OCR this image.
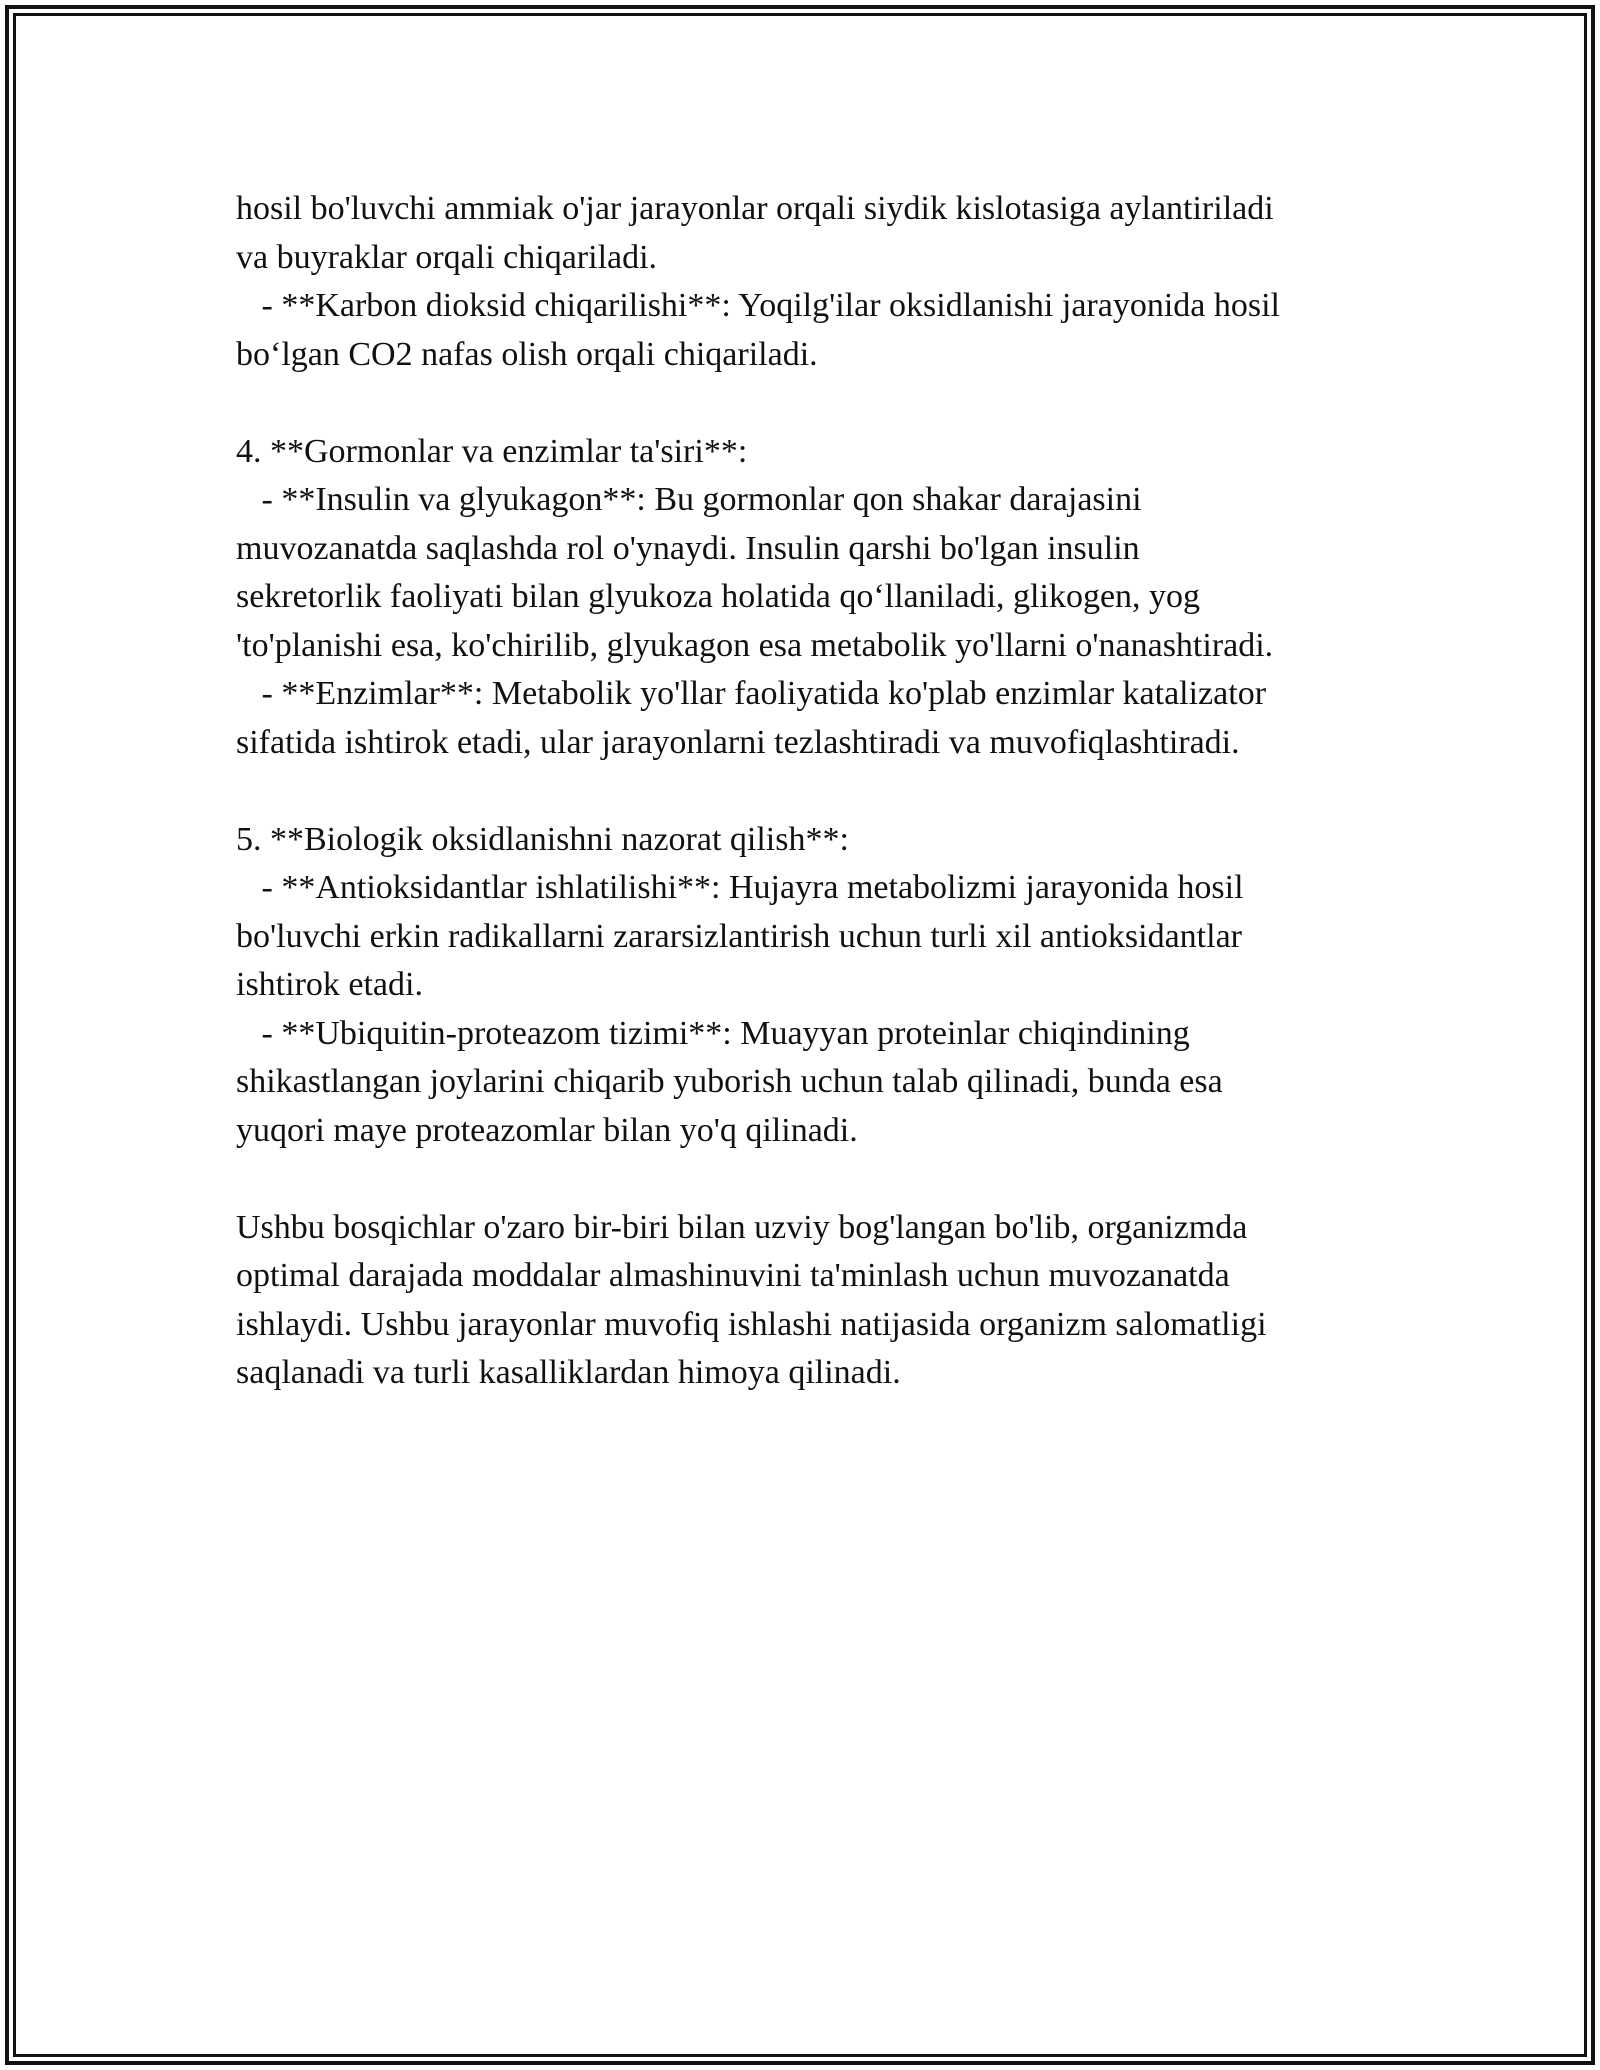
hosil bo'luvchi ammiak o'jar jarayonlar orqali siydik kislotasiga aylantiriladi
va buyraklar orqali chiqariladi.
- **Karbon dioksid chiqarilishi**: Yoqilg'ilar oksidlanishi jarayonida hosil
bo‘lgan CO2 nafas olish orqali chiqariladi.
4. **Gormonlar va enzimlar ta'siri**:
- **Insulin va glyukagon**: Bu gormonlar qon shakar darajasini
muvozanatda saqlashda rol o'ynaydi. Insulin qarshi bo'lgan insulin
sekretorlik faoliyati bilan glyukoza holatida qo‘llaniladi, glikogen, yog
'to'planishi esa, ko'chirilib, glyukagon esa metabolik yo'llarni o'nanashtiradi.
- **Enzimlar**: Metabolik yo'llar faoliyatida ko'plab enzimlar katalizator
sifatida ishtirok etadi, ular jarayonlarni tezlashtiradi va muvofiqlashtiradi.
5. **Biologik oksidlanishni nazorat qilish**:
- **Antioksidantlar ishlatilishi**: Hujayra metabolizmi jarayonida hosil
bo'luvchi erkin radikallarni zararsizlantirish uchun turli xil antioksidantlar
ishtirok etadi.
- **Ubiquitin-proteazom tizimi**: Muayyan proteinlar chiqindining
shikastlangan joylarini chiqarib yuborish uchun talab qilinadi, bunda esa
yuqori maye proteazomlar bilan yo'q qilinadi.
Ushbu bosqichlar o'zaro bir-biri bilan uzviy bog'langan bo'lib, organizmda
optimal darajada moddalar almashinuvini ta'minlash uchun muvozanatda
ishlaydi. Ushbu jarayonlar muvofiq ishlashi natijasida organizm salomatligi
saqlanadi va turli kasalliklardan himoya qilinadi.
